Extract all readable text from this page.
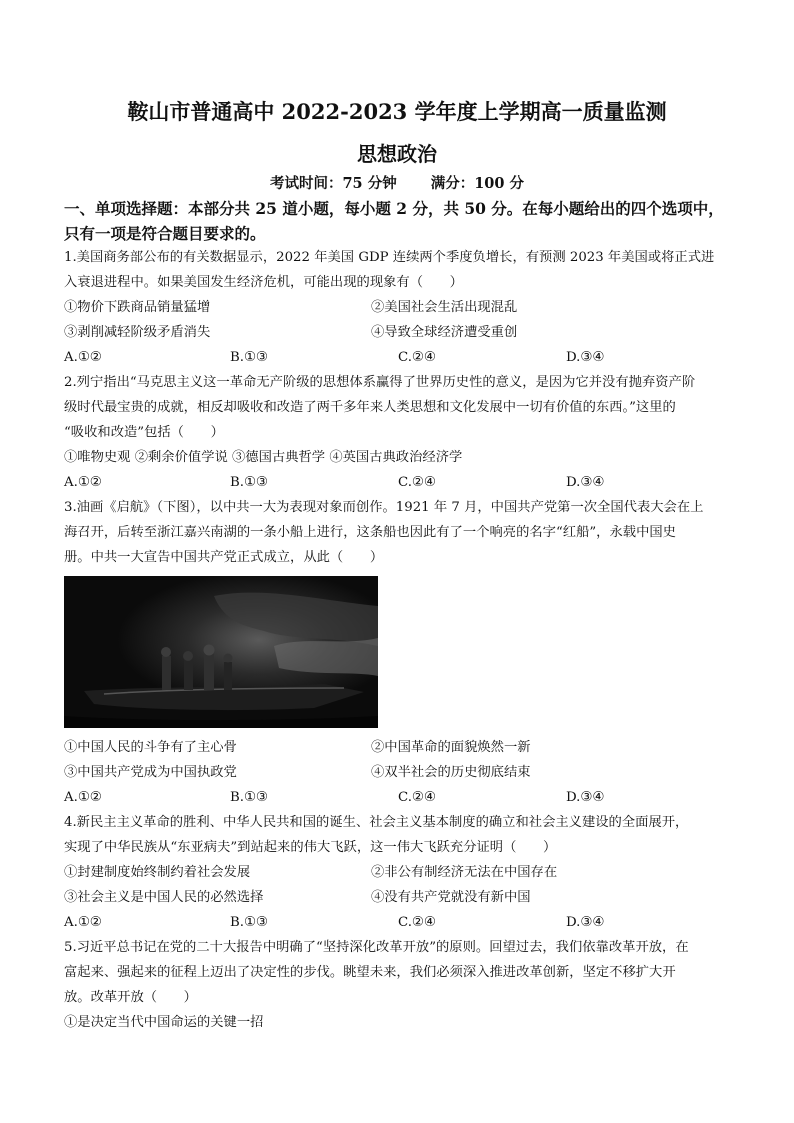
鞍山市普通高中 2022-2023 学年度上学期高一质量监测
思想政治
考试时间：75 分钟 满分：100 分
一、单项选择题：本部分共 25 道小题，每小题 2 分，共 50 分。在每小题给出的四个选项中，只有一项是符合题目要求的。
1.美国商务部公布的有关数据显示，2022 年美国 GDP 连续两个季度负增长，有预测 2023 年美国或将正式进
入衰退进程中。如果美国发生经济危机，可能出现的现象有（　　）
①物价下跌商品销量猛增	②美国社会生活出现混乱
③剥削减轻阶级矛盾消失	④导致全球经济遭受重创
A.①②	B.①③	C.②④	D.③④
2.列宁指出“马克思主义这一革命无产阶级的思想体系赢得了世界历史性的意义，是因为它并没有抛弃资产阶
级时代最宝贵的成就，相反却吸收和改造了两千多年来人类思想和文化发展中一切有价值的东西。”这里的
“吸收和改造”包括（　　）
①唯物史观 ②剩余价值学说 ③德国古典哲学 ④英国古典政治经济学
A.①②	B.①③	C.②④	D.③④
3.油画《启航》（下图），以中共一大为表现对象而创作。1921 年 7 月，中国共产党第一次全国代表大会在上
海召开，后转至浙江嘉兴南湖的一条小船上进行，这条船也因此有了一个响亮的名字“红船”，永载中国史
册。中共一大宣告中国共产党正式成立，从此（　　）
①中国人民的斗争有了主心骨	②中国革命的面貌焕然一新
③中国共产党成为中国执政党	④双半社会的历史彻底结束
A.①②	B.①③	C.②④	D.③④
4.新民主主义革命的胜利、中华人民共和国的诞生、社会主义基本制度的确立和社会主义建设的全面展开，
实现了中华民族从“东亚病夫”到站起来的伟大飞跃，这一伟大飞跃充分证明（　　）
①封建制度始终制约着社会发展	②非公有制经济无法在中国存在
③社会主义是中国人民的必然选择	④没有共产党就没有新中国
A.①②	B.①③	C.②④	D.③④
5.习近平总书记在党的二十大报告中明确了“坚持深化改革开放”的原则。回望过去，我们依靠改革开放，在
富起来、强起来的征程上迈出了决定性的步伐。眺望未来，我们必须深入推进改革创新，坚定不移扩大开
放。改革开放（　　）
①是决定当代中国命运的关键一招
